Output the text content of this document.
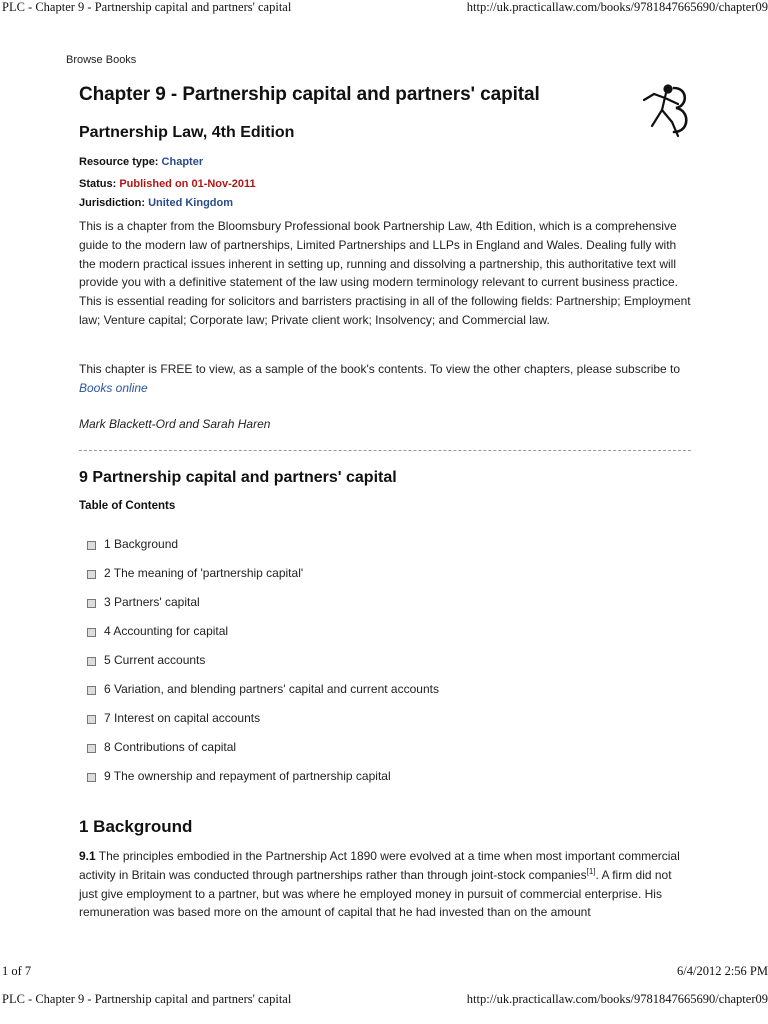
PLC - Chapter 9 - Partnership capital and partners' capital	http://uk.practicallaw.com/books/9781847665690/chapter09
Browse Books
Chapter 9 - Partnership capital and partners' capital
Partnership Law, 4th Edition
Resource type: Chapter
Status: Published on 01-Nov-2011
Jurisdiction: United Kingdom
This is a chapter from the Bloomsbury Professional book Partnership Law, 4th Edition, which is a comprehensive guide to the modern law of partnerships, Limited Partnerships and LLPs in England and Wales. Dealing fully with the modern practical issues inherent in setting up, running and dissolving a partnership, this authoritative text will provide you with a definitive statement of the law using modern terminology relevant to current business practice. This is essential reading for solicitors and barristers practising in all of the following fields: Partnership; Employment law; Venture capital; Corporate law; Private client work; Insolvency; and Commercial law.
This chapter is FREE to view, as a sample of the book's contents. To view the other chapters, please subscribe to Books online
Mark Blackett-Ord and Sarah Haren
9 Partnership capital and partners' capital
Table of Contents
1 Background
2 The meaning of 'partnership capital'
3 Partners' capital
4 Accounting for capital
5 Current accounts
6 Variation, and blending partners' capital and current accounts
7 Interest on capital accounts
8 Contributions of capital
9 The ownership and repayment of partnership capital
1 Background
9.1 The principles embodied in the Partnership Act 1890 were evolved at a time when most important commercial activity in Britain was conducted through partnerships rather than through joint-stock companies[1]. A firm did not just give employment to a partner, but was where he employed money in pursuit of commercial enterprise. His remuneration was based more on the amount of capital that he had invested than on the amount
1 of 7	6/4/2012 2:56 PM
PLC - Chapter 9 - Partnership capital and partners' capital	http://uk.practicallaw.com/books/9781847665690/chapter09
